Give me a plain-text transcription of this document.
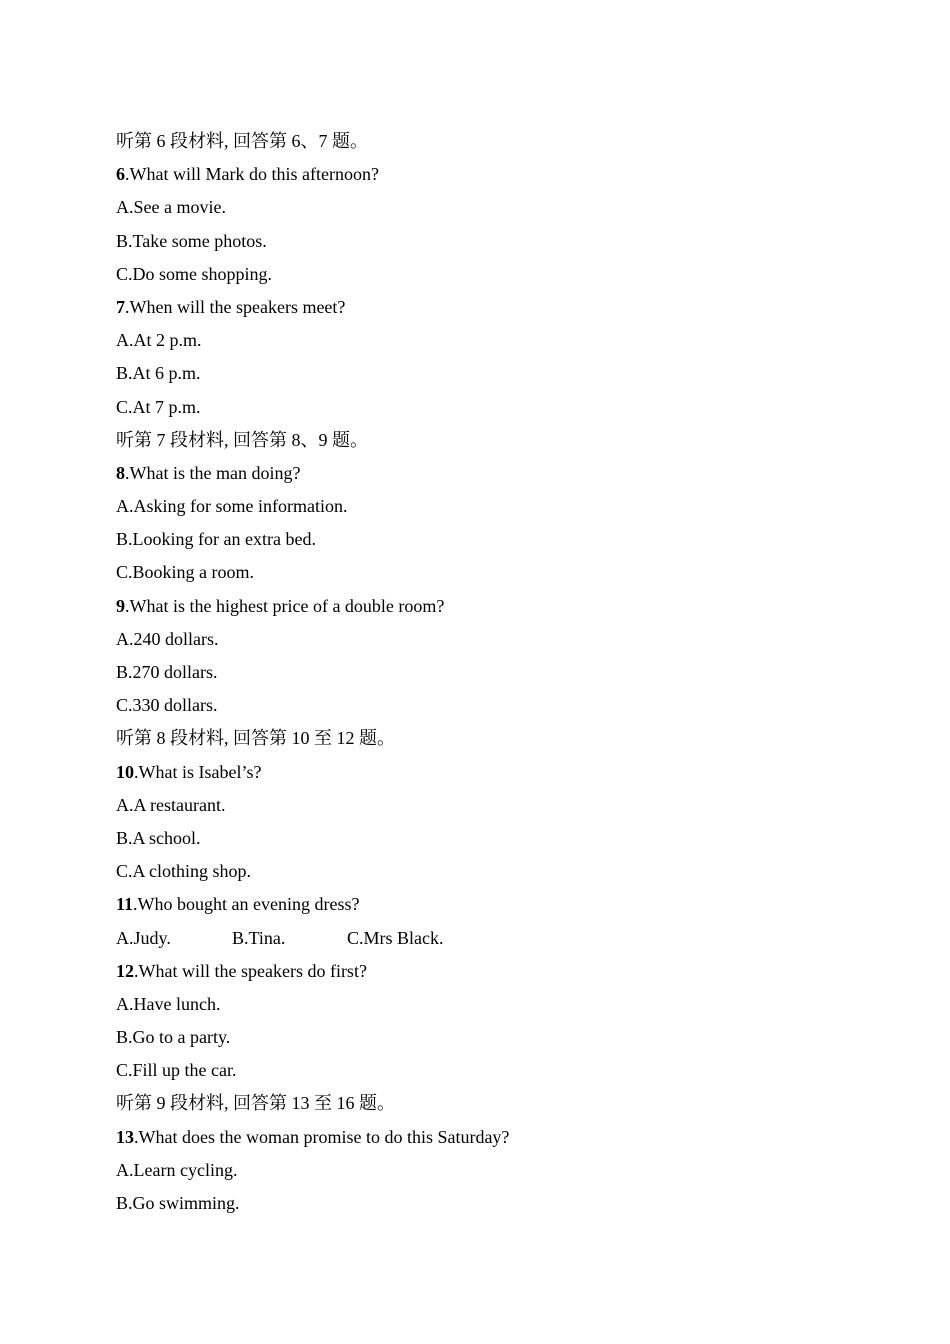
听第 6 段材料, 回答第 6、7 题。
6.What will Mark do this afternoon?
A.See a movie.
B.Take some photos.
C.Do some shopping.
7.When will the speakers meet?
A.At 2 p.m.
B.At 6 p.m.
C.At 7 p.m.
听第 7 段材料, 回答第 8、9 题。
8.What is the man doing?
A.Asking for some information.
B.Looking for an extra bed.
C.Booking a room.
9.What is the highest price of a double room?
A.240 dollars.
B.270 dollars.
C.330 dollars.
听第 8 段材料, 回答第 10 至 12 题。
10.What is Isabel’s?
A.A restaurant.
B.A school.
C.A clothing shop.
11.Who bought an evening dress?
A.Judy.	B.Tina.	C.Mrs Black.
12.What will the speakers do first?
A.Have lunch.
B.Go to a party.
C.Fill up the car.
听第 9 段材料, 回答第 13 至 16 题。
13.What does the woman promise to do this Saturday?
A.Learn cycling.
B.Go swimming.
